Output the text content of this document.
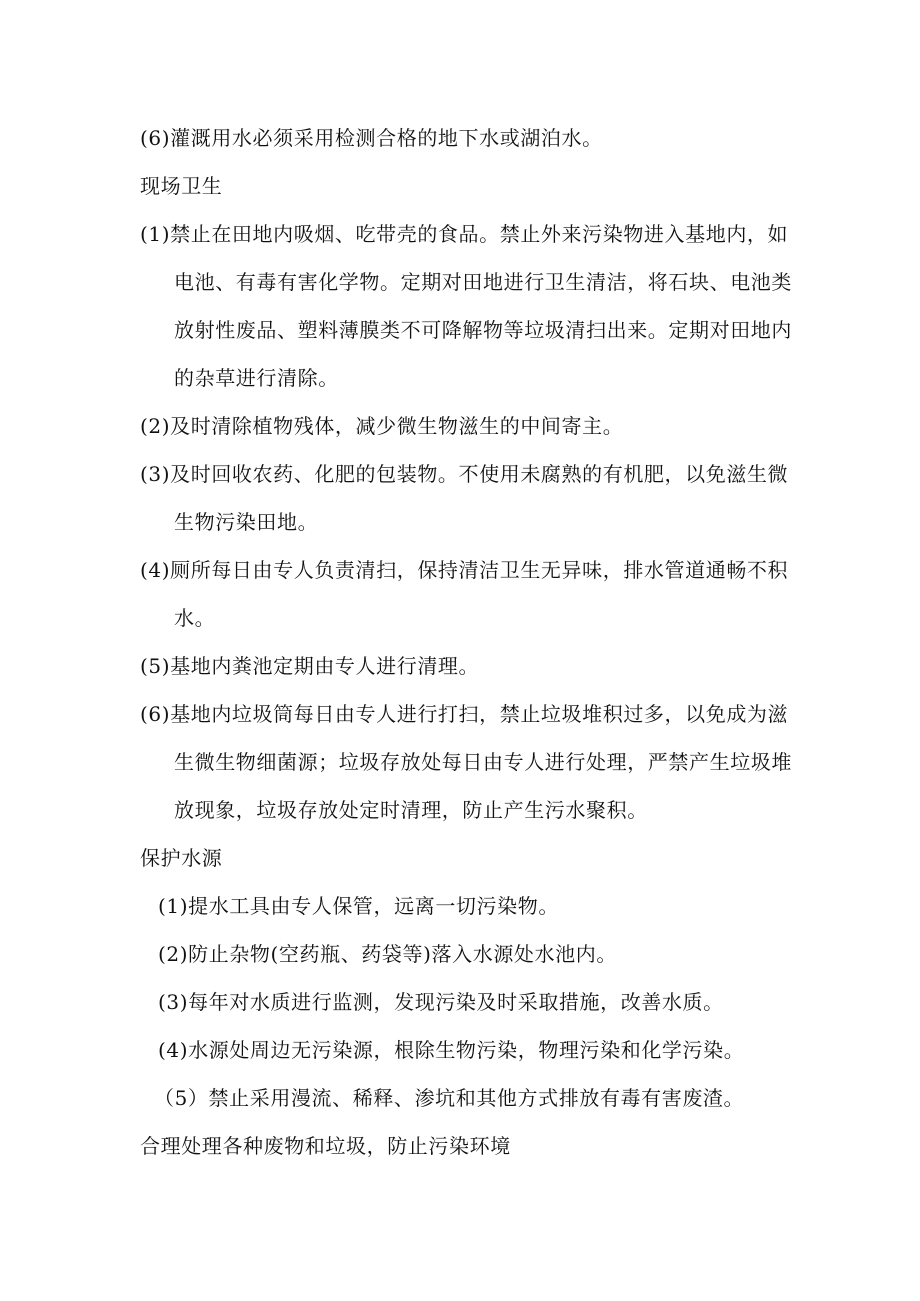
(6)灌溉用水必须采用检测合格的地下水或湖泊水。
现场卫生
(1)禁止在田地内吸烟、吃带壳的食品。禁止外来污染物进入基地内，如
电池、有毒有害化学物。定期对田地进行卫生清洁，将石块、电池类
放射性废品、塑料薄膜类不可降解物等垃圾清扫出来。定期对田地内
的杂草进行清除。
(2)及时清除植物残体，减少微生物滋生的中间寄主。
(3)及时回收农药、化肥的包装物。不使用未腐熟的有机肥，以免滋生微
生物污染田地。
(4)厕所每日由专人负责清扫，保持清洁卫生无异味，排水管道通畅不积
水。
(5)基地内粪池定期由专人进行清理。
(6)基地内垃圾筒每日由专人进行打扫，禁止垃圾堆积过多，以免成为滋
生微生物细菌源；垃圾存放处每日由专人进行处理，严禁产生垃圾堆
放现象，垃圾存放处定时清理，防止产生污水聚积。
保护水源
(1)提水工具由专人保管，远离一切污染物。
(2)防止杂物(空药瓶、药袋等)落入水源处水池内。
(3)每年对水质进行监测，发现污染及时采取措施，改善水质。
(4)水源处周边无污染源，根除生物污染，物理污染和化学污染。
（5）禁止采用漫流、稀释、渗坑和其他方式排放有毒有害废渣。
合理处理各种废物和垃圾，防止污染环境
